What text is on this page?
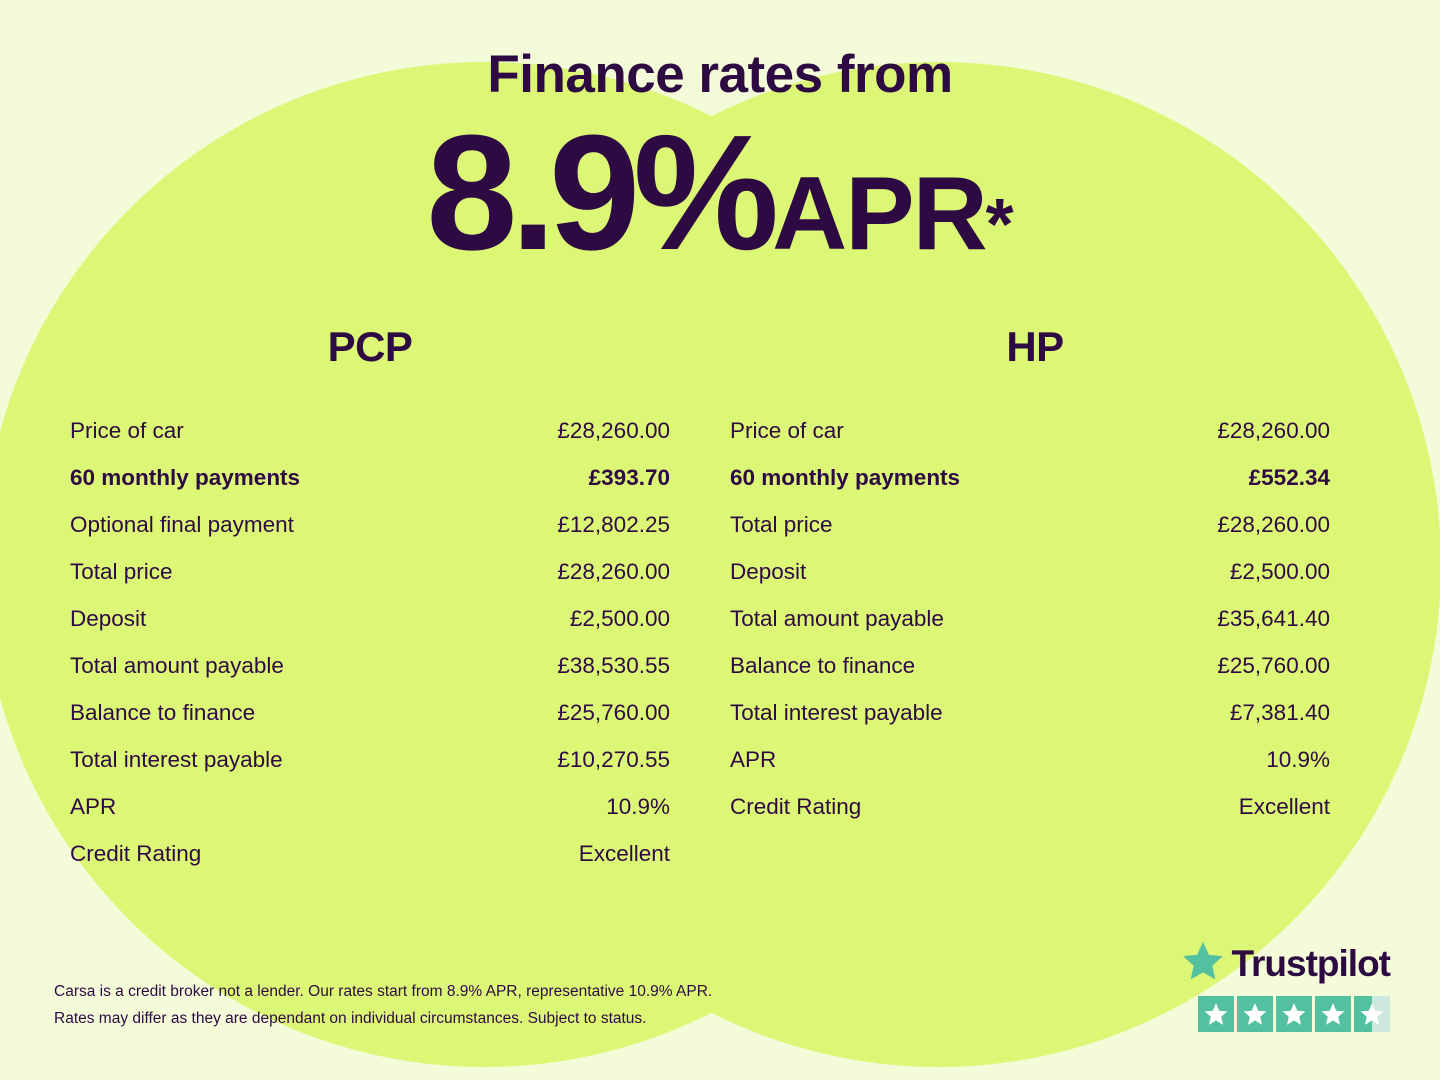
Finance rates from
8.9%APR*
PCP
Price of car	£28,260.00
60 monthly payments	£393.70
Optional final payment	£12,802.25
Total price	£28,260.00
Deposit	£2,500.00
Total amount payable	£38,530.55
Balance to finance	£25,760.00
Total interest payable	£10,270.55
APR	10.9%
Credit Rating	Excellent
HP
Price of car	£28,260.00
60 monthly payments	£552.34
Total price	£28,260.00
Deposit	£2,500.00
Total amount payable	£35,641.40
Balance to finance	£25,760.00
Total interest payable	£7,381.40
APR	10.9%
Credit Rating	Excellent
Trustpilot
Carsa is a credit broker not a lender. Our rates start from 8.9% APR, representative 10.9% APR.
Rates may differ as they are dependant on individual circumstances. Subject to status.
